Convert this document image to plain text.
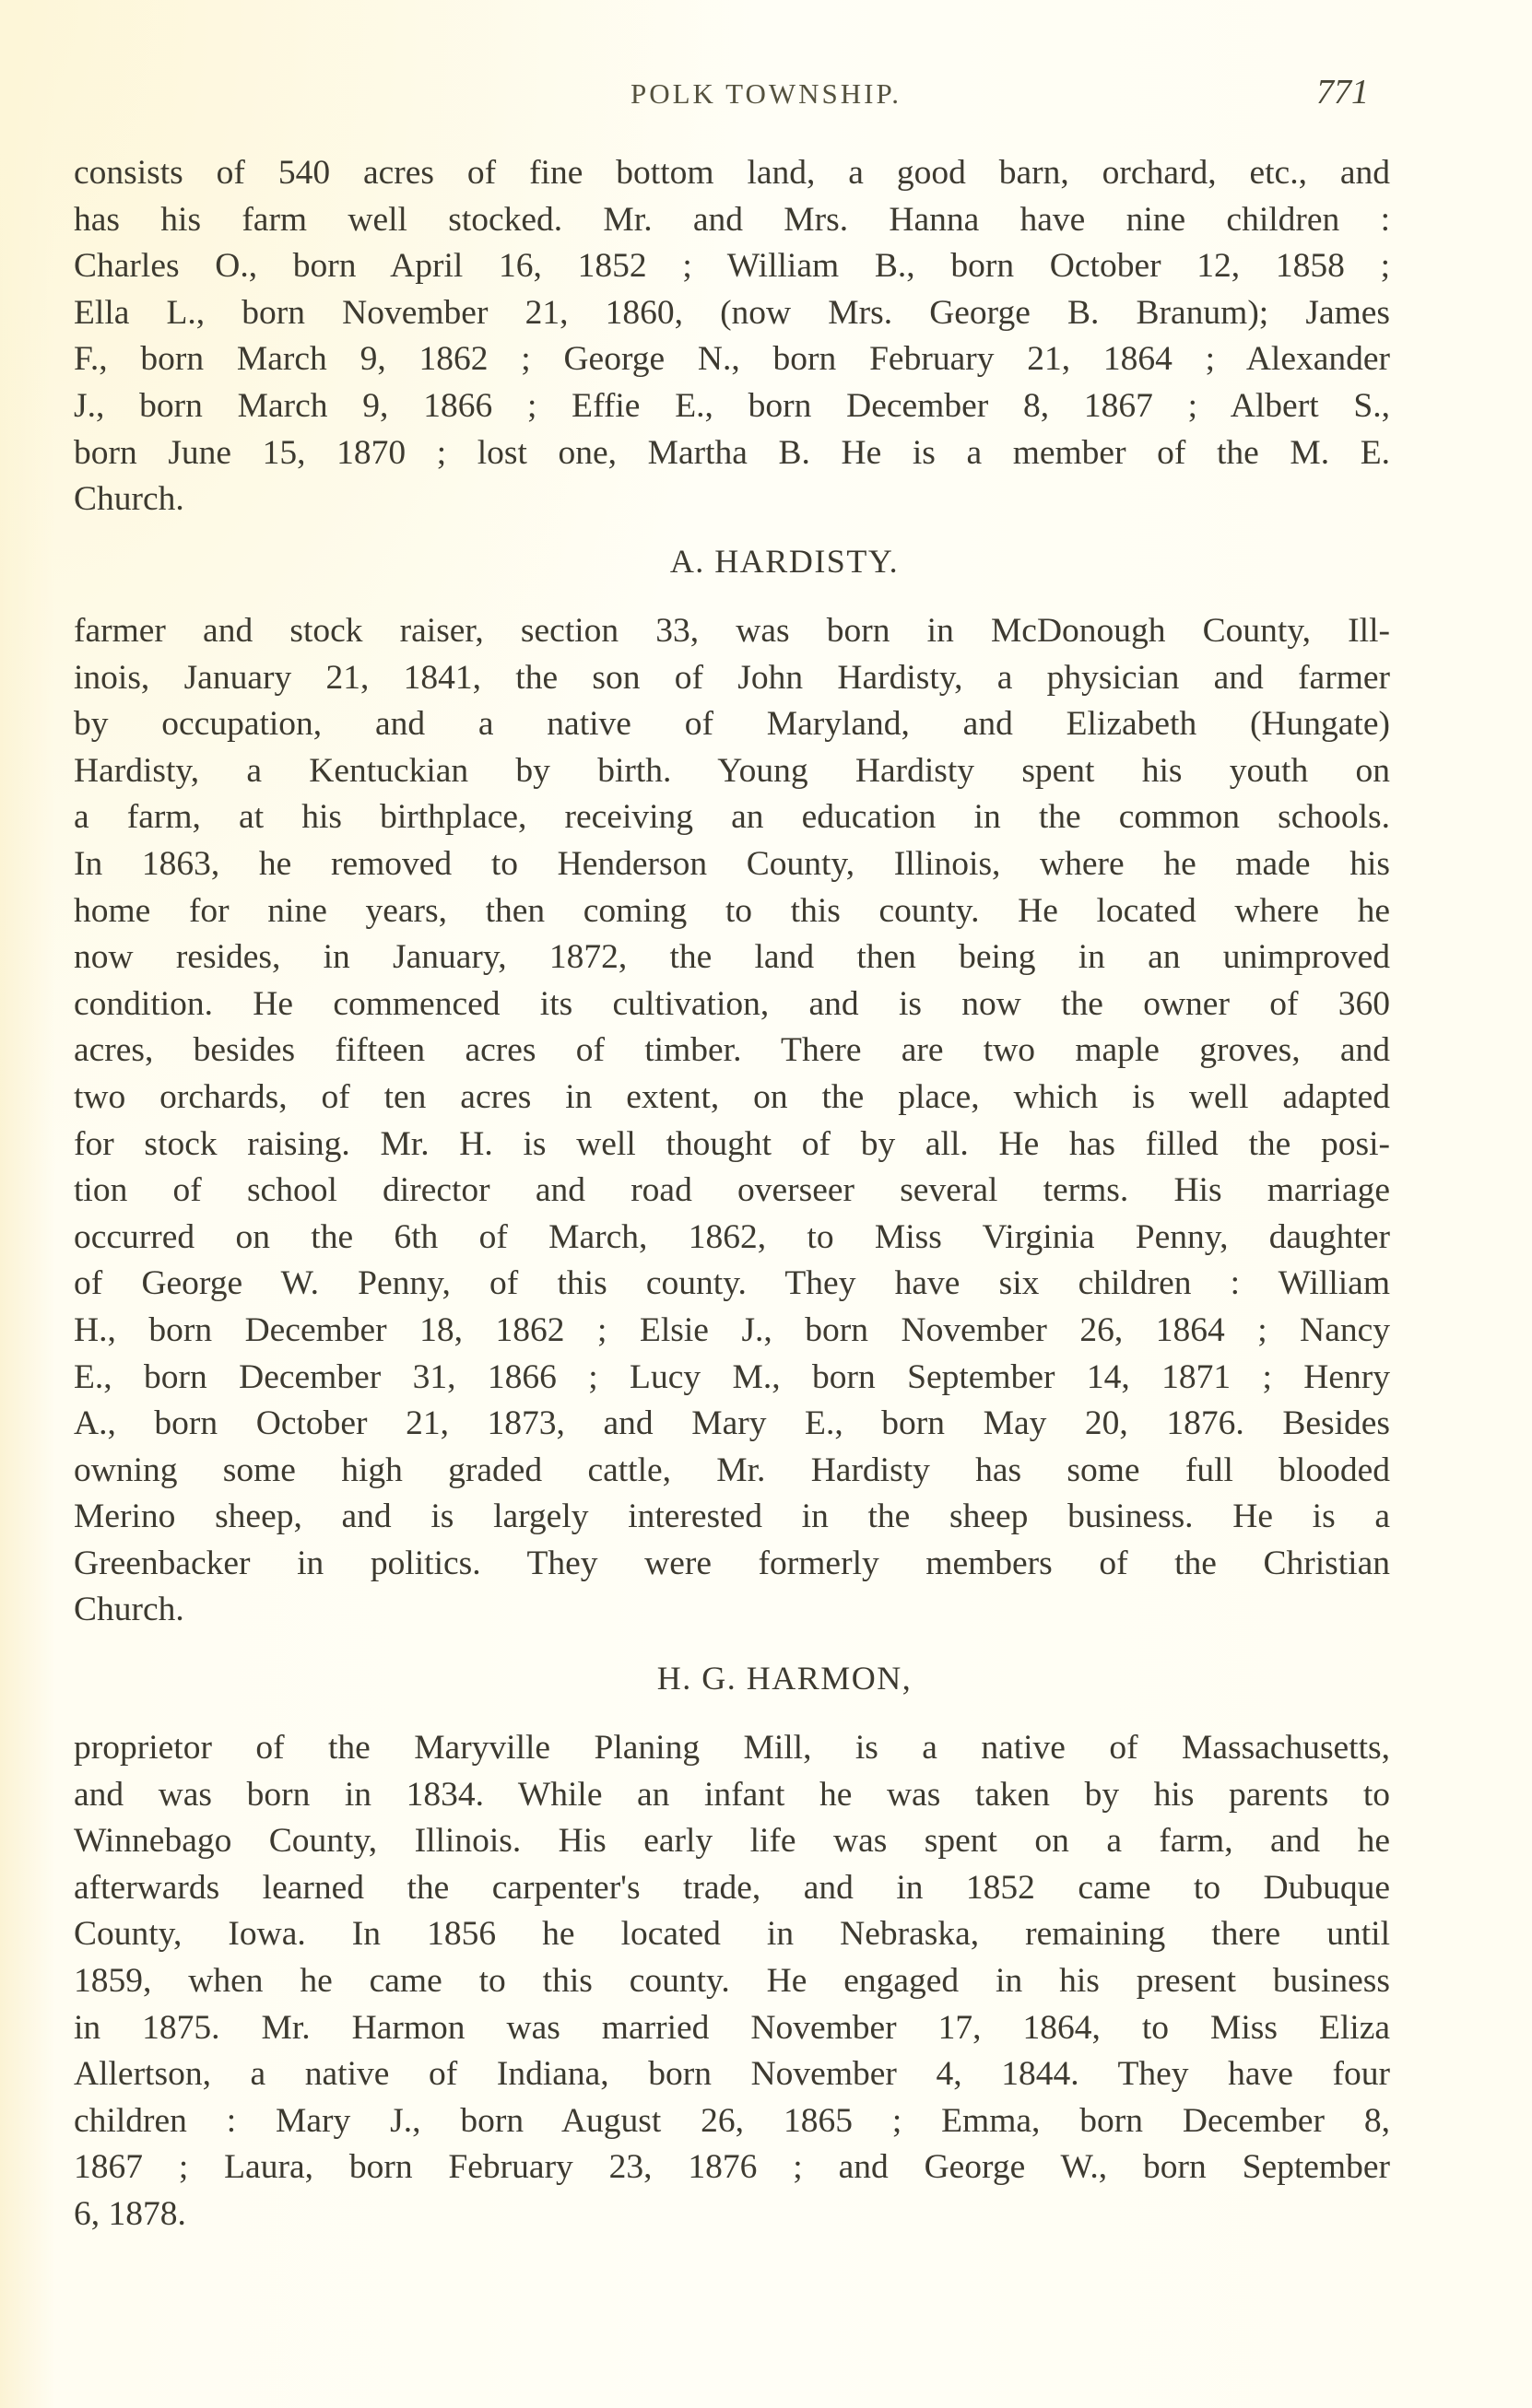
POLK TOWNSHIP.	771
consists of 540 acres of fine bottom land, a good barn, orchard, etc., and
has his farm well stocked. Mr. and Mrs. Hanna have nine children :
Charles O., born April 16, 1852 ; William B., born October 12, 1858 ;
Ella L., born November 21, 1860, (now Mrs. George B. Branum); James
F., born March 9, 1862 ; George N., born February 21, 1864 ; Alexander
J., born March 9, 1866 ; Effie E., born December 8, 1867 ; Albert S.,
born June 15, 1870 ; lost one, Martha B. He is a member of the M. E.
Church.
A. HARDISTY.
farmer and stock raiser, section 33, was born in McDonough County, Ill-
inois, January 21, 1841, the son of John Hardisty, a physician and farmer
by occupation, and a native of Maryland, and Elizabeth (Hungate)
Hardisty, a Kentuckian by birth. Young Hardisty spent his youth on
a farm, at his birthplace, receiving an education in the common schools.
In 1863, he removed to Henderson County, Illinois, where he made his
home for nine years, then coming to this county. He located where he
now resides, in January, 1872, the land then being in an unimproved
condition. He commenced its cultivation, and is now the owner of 360
acres, besides fifteen acres of timber. There are two maple groves, and
two orchards, of ten acres in extent, on the place, which is well adapted
for stock raising. Mr. H. is well thought of by all. He has filled the posi-
tion of school director and road overseer several terms. His marriage
occurred on the 6th of March, 1862, to Miss Virginia Penny, daughter
of George W. Penny, of this county. They have six children : William
H., born December 18, 1862 ; Elsie J., born November 26, 1864 ; Nancy
E., born December 31, 1866 ; Lucy M., born September 14, 1871 ; Henry
A., born October 21, 1873, and Mary E., born May 20, 1876. Besides
owning some high graded cattle, Mr. Hardisty has some full blooded
Merino sheep, and is largely interested in the sheep business. He is a
Greenbacker in politics. They were formerly members of the Christian
Church.
H. G. HARMON,
proprietor of the Maryville Planing Mill, is a native of Massachusetts,
and was born in 1834. While an infant he was taken by his parents to
Winnebago County, Illinois. His early life was spent on a farm, and he
afterwards learned the carpenter's trade, and in 1852 came to Dubuque
County, Iowa. In 1856 he located in Nebraska, remaining there until
1859, when he came to this county. He engaged in his present business
in 1875. Mr. Harmon was married November 17, 1864, to Miss Eliza
Allertson, a native of Indiana, born November 4, 1844. They have four
children : Mary J., born August 26, 1865 ; Emma, born December 8,
1867 ; Laura, born February 23, 1876 ; and George W., born September
6, 1878.
